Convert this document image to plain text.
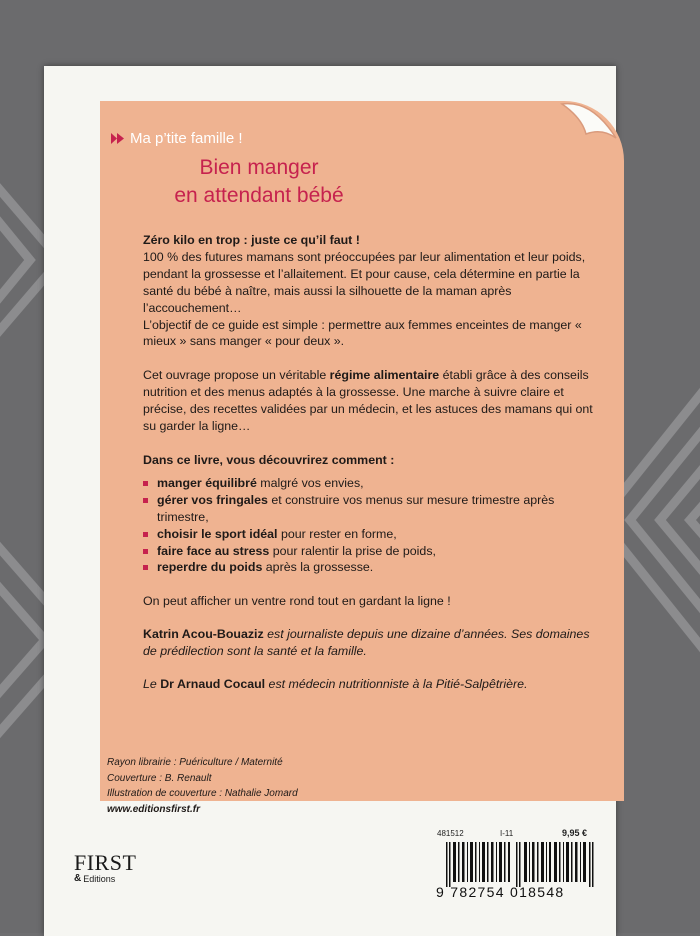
Ma p’tite famille !
Bien manger
en attendant bébé

Zéro kilo en trop : juste ce qu’il faut !

100 % des futures mamans sont préoccupées par leur alimentation et leur poids, pendant la grossesse et l’allaitement. Et pour cause, cela détermine en partie la santé du bébé à naître, mais aussi la silhouette de la maman après l’accouchement…

L’objectif de ce guide est simple : permettre aux femmes enceintes de manger « mieux » sans manger « pour deux ».

Cet ouvrage propose un véritable régime alimentaire établi grâce à des conseils nutrition et des menus adaptés à la grossesse. Une marche à suivre claire et précise, des recettes validées par un médecin, et les astuces des mamans qui ont su garder la ligne…

Dans ce livre, vous découvrirez comment :

manger équilibré malgré vos envies,
gérer vos fringales et construire vos menus sur mesure trimestre après trimestre,
choisir le sport idéal pour rester en forme,
faire face au stress pour ralentir la prise de poids,
reperdre du poids après la grossesse.

On peut afficher un ventre rond tout en gardant la ligne !

Katrin Acou-Bouaziz est journaliste depuis une dizaine d’années. Ses domaines de prédilection sont la santé et la famille.

Le Dr Arnaud Cocaul est médecin nutritionniste à la Pitié-Salpêtrière.

Rayon librairie : Puériculture / Maternité
Couverture : B. Renault
Illustration de couverture : Nathalie Jomard
www.editionsfirst.fr
481512	I-11	9,95 €
9 782754 018548
FIRST
& Editions
